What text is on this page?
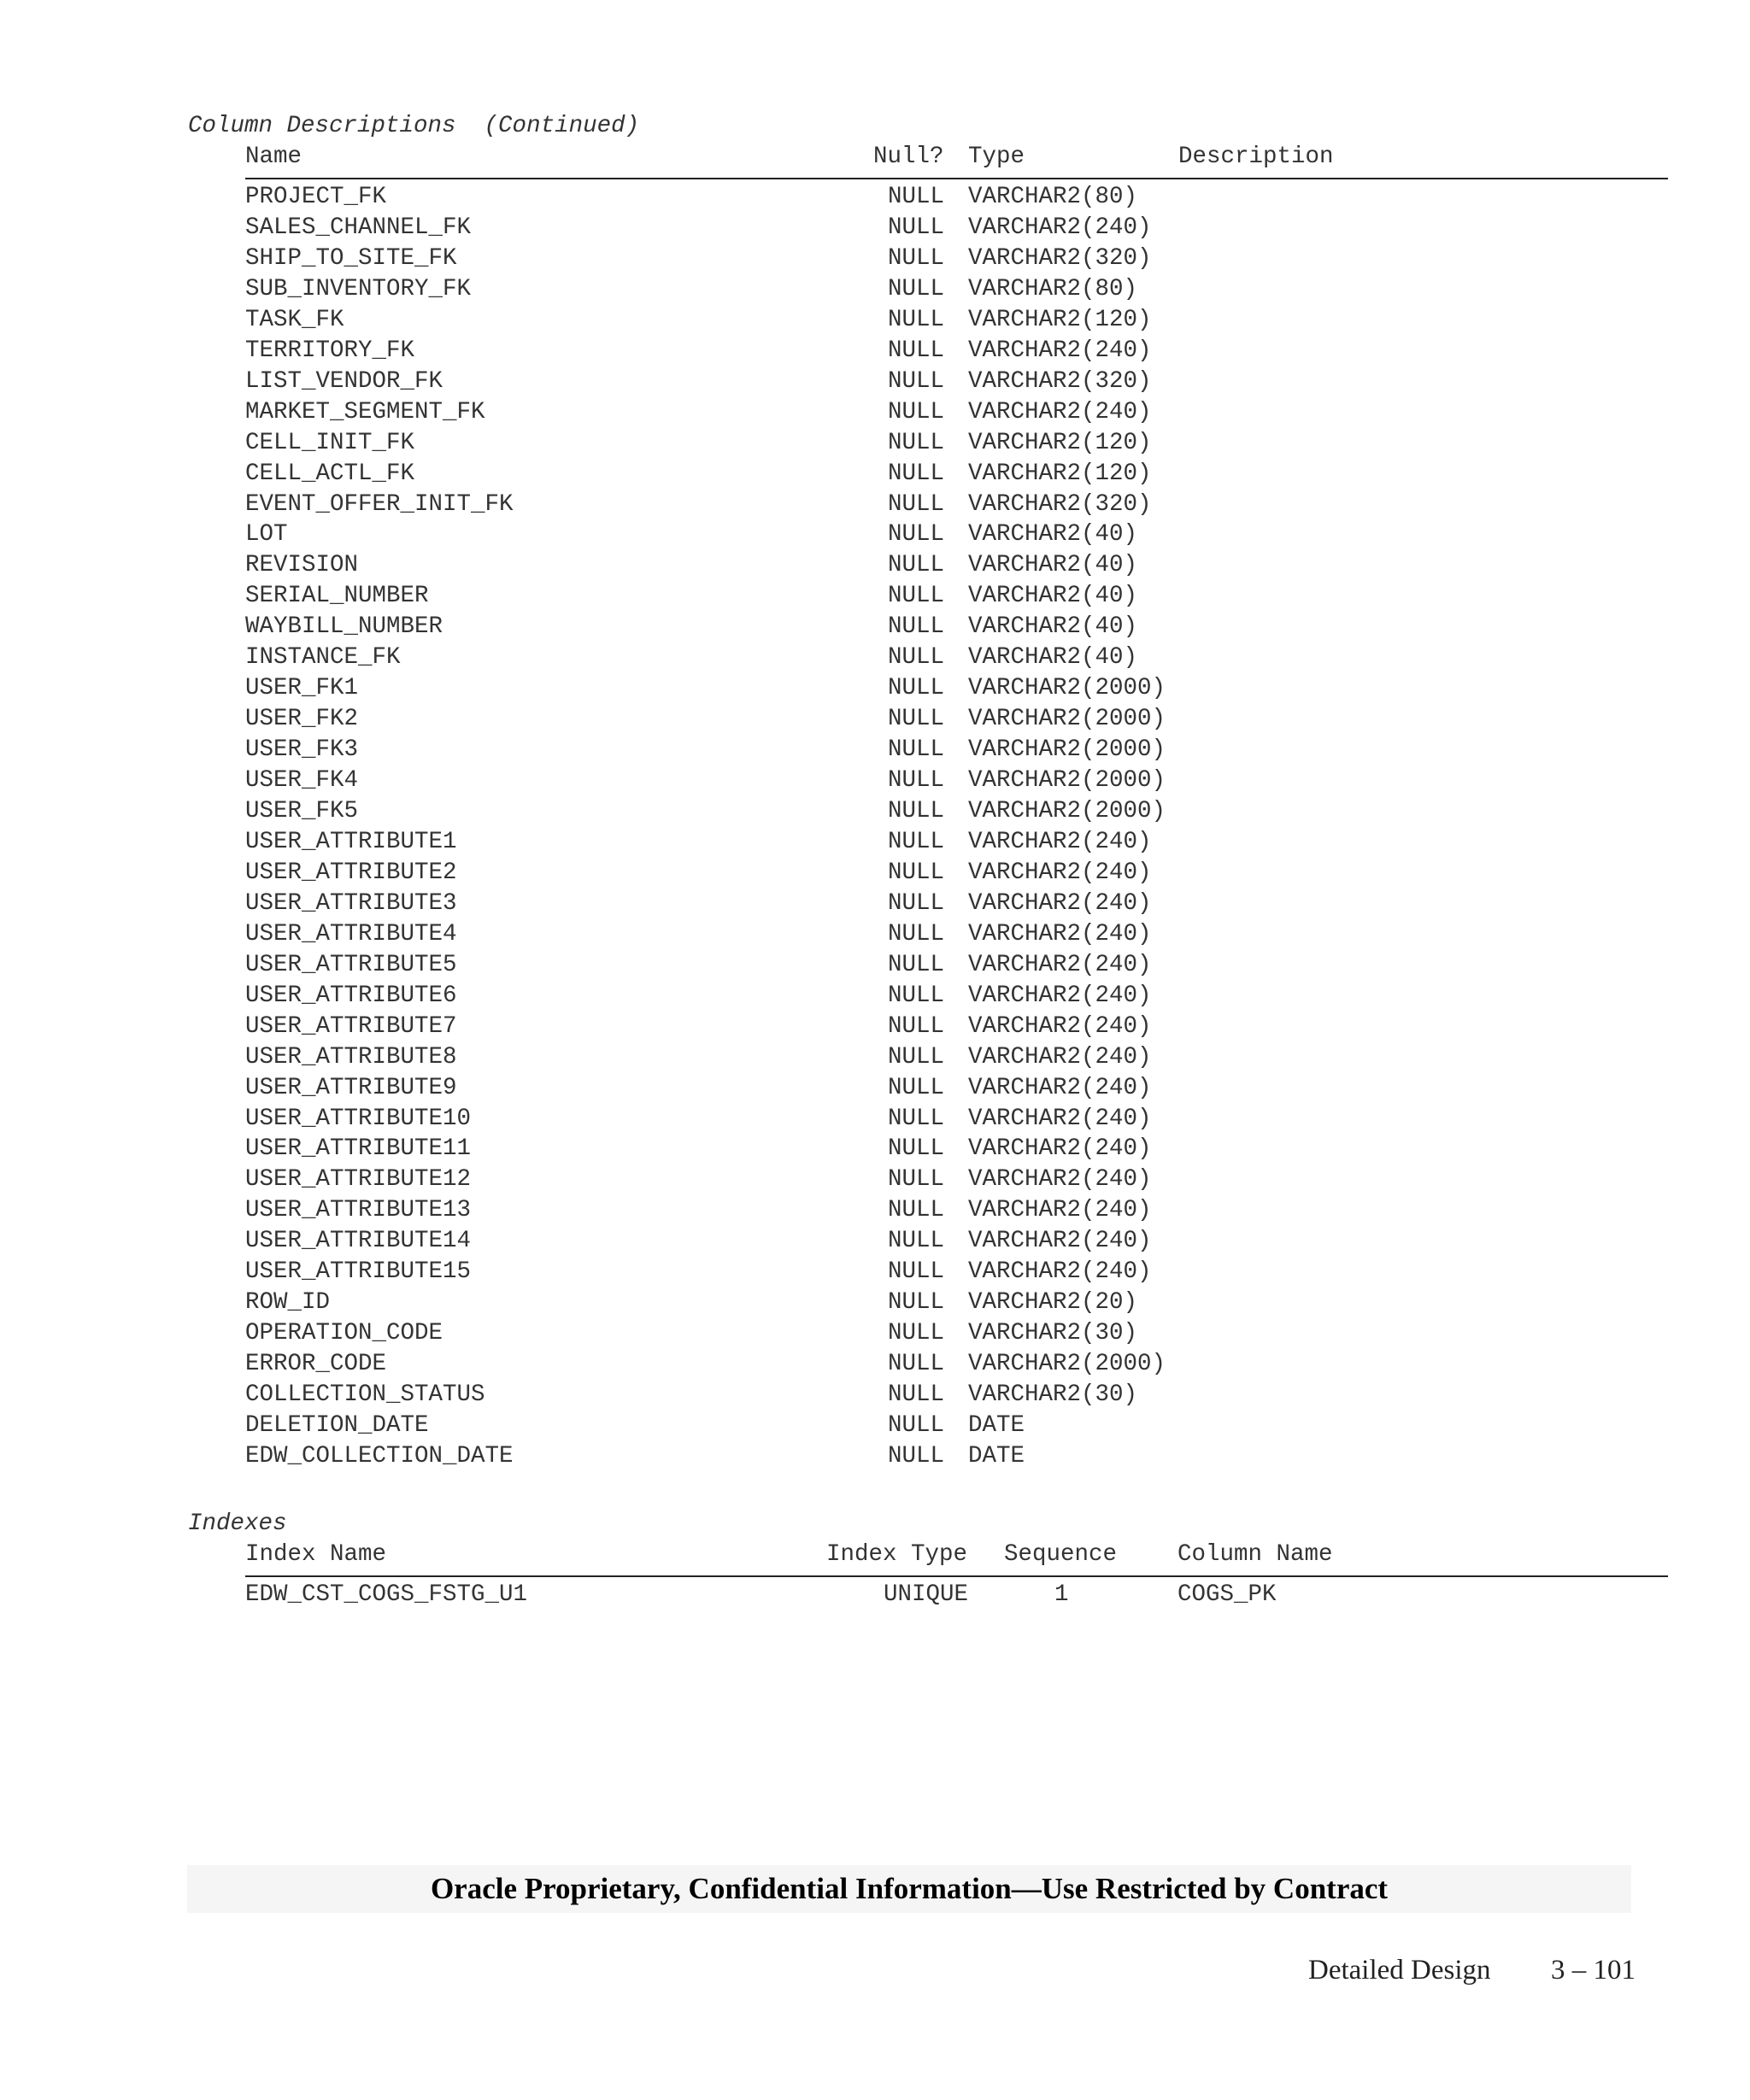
Column Descriptions  (Continued)
Name	Null? Type	Description
PROJECT_FK	NULL VARCHAR2(80)
SALES_CHANNEL_FK	NULL VARCHAR2(240)
SHIP_TO_SITE_FK	NULL VARCHAR2(320)
SUB_INVENTORY_FK	NULL VARCHAR2(80)
TASK_FK	NULL VARCHAR2(120)
TERRITORY_FK	NULL VARCHAR2(240)
LIST_VENDOR_FK	NULL VARCHAR2(320)
MARKET_SEGMENT_FK	NULL VARCHAR2(240)
CELL_INIT_FK	NULL VARCHAR2(120)
CELL_ACTL_FK	NULL VARCHAR2(120)
EVENT_OFFER_INIT_FK	NULL VARCHAR2(320)
LOT	NULL VARCHAR2(40)
REVISION	NULL VARCHAR2(40)
SERIAL_NUMBER	NULL VARCHAR2(40)
WAYBILL_NUMBER	NULL VARCHAR2(40)
INSTANCE_FK	NULL VARCHAR2(40)
USER_FK1	NULL VARCHAR2(2000)
USER_FK2	NULL VARCHAR2(2000)
USER_FK3	NULL VARCHAR2(2000)
USER_FK4	NULL VARCHAR2(2000)
USER_FK5	NULL VARCHAR2(2000)
USER_ATTRIBUTE1	NULL VARCHAR2(240)
USER_ATTRIBUTE2	NULL VARCHAR2(240)
USER_ATTRIBUTE3	NULL VARCHAR2(240)
USER_ATTRIBUTE4	NULL VARCHAR2(240)
USER_ATTRIBUTE5	NULL VARCHAR2(240)
USER_ATTRIBUTE6	NULL VARCHAR2(240)
USER_ATTRIBUTE7	NULL VARCHAR2(240)
USER_ATTRIBUTE8	NULL VARCHAR2(240)
USER_ATTRIBUTE9	NULL VARCHAR2(240)
USER_ATTRIBUTE10	NULL VARCHAR2(240)
USER_ATTRIBUTE11	NULL VARCHAR2(240)
USER_ATTRIBUTE12	NULL VARCHAR2(240)
USER_ATTRIBUTE13	NULL VARCHAR2(240)
USER_ATTRIBUTE14	NULL VARCHAR2(240)
USER_ATTRIBUTE15	NULL VARCHAR2(240)
ROW_ID	NULL VARCHAR2(20)
OPERATION_CODE	NULL VARCHAR2(30)
ERROR_CODE	NULL VARCHAR2(2000)
COLLECTION_STATUS	NULL VARCHAR2(30)
DELETION_DATE	NULL DATE
EDW_COLLECTION_DATE	NULL DATE
Indexes
Index Name	Index Type Sequence	Column Name
EDW_CST_COGS_FSTG_U1	UNIQUE	1	COGS_PK
Oracle Proprietary, Confidential Information––Use Restricted by Contract
Detailed Design 3 – 101
